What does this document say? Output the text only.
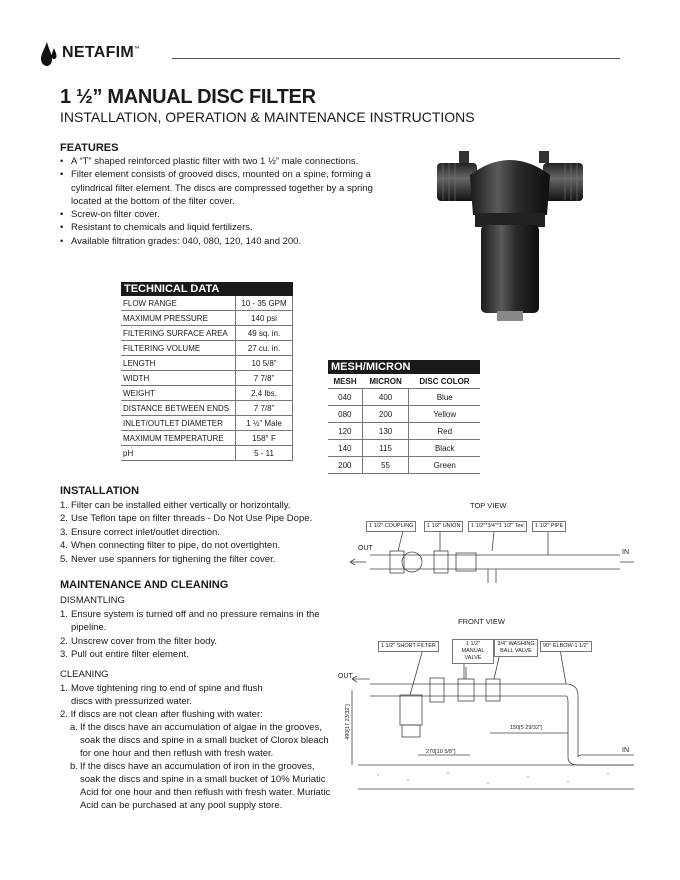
NETAFIM™
1 ½” MANUAL DISC FILTER
INSTALLATION, OPERATION & MAINTENANCE INSTRUCTIONS
FEATURES
• A “T” shaped reinforced plastic filter with two 1 ½” male connections.
• Filter element consists of grooved discs, mounted on a spine, forming a cylindrical filter element. The discs are compressed together by a spring located at the bottom of the filter cover.
• Screw-on filter cover.
• Resistant to chemicals and liquid fertilizers.
• Available filtration grades: 040, 080, 120, 140 and 200.
TECHNICAL DATA	
FLOW RANGE	10 - 35 GPM
MAXIMUM PRESSURE	140 psi
FILTERING SURFACE AREA	49 sq. in.
FILTERING VOLUME	27 cu. in.
LENGTH	10 5/8”
WIDTH	7 7/8”
WEIGHT	2.4 lbs.
DISTANCE BETWEEN ENDS	7 7/8”
INLET/OUTLET DIAMETER	1 ½” Male
MAXIMUM TEMPERATURE	158° F
pH	5 - 11
MESH/MICRON		
MESH	MICRON	DISC COLOR
040	400	Blue
080	200	Yellow
120	130	Red
140	115	Black
200	55	Green
INSTALLATION
1. Filter can be installed either vertically or horizontally.
2. Use Teflon tape on filter threads - Do Not Use Pipe Dope.
3. Ensure correct inlet/outlet direction.
4. When connecting filter to pipe, do not overtighten.
5. Never use spanners for tighening the filter cover.
MAINTENANCE AND CLEANING
DISMANTLING
1. Ensure system is turned off and no pressure remains in the pipeline.
2. Unscrew cover from the filter body.
3. Pull out entire filter element.
CLEANING
1. Move tightening ring to end of spine and flush discs with pressurized water.
2. If discs are not clean after flushing with water:
a. If the discs have an accumulation of algae in the grooves, soak the discs and spine in a small bucket of Clorox bleach for one hour and then reflush with fresh water.
b. If the discs have an accumulation of iron in the grooves, soak the discs and spine in a small bucket of 10% Muriatic Acid for one hour and then reflush with fresh water. Muriatic Acid can be purchased at any pool supply store.
TOP VIEW
1 1/2" COUPLING	1 1/2" UNION	1 1/2"*3/4"*1 1/2" Tee	1 1/2" PIPE
OUT
IN
FRONT VIEW
1 1/2" SHORT FILTER	1 1/2" MANUAL VALVE
3/4" WASHING BALL VALVE
90° ELBOW-1 1/2"
OUT
IN
490[17 23/32"]	150[5 29/32"]
270[10 5/8"]
